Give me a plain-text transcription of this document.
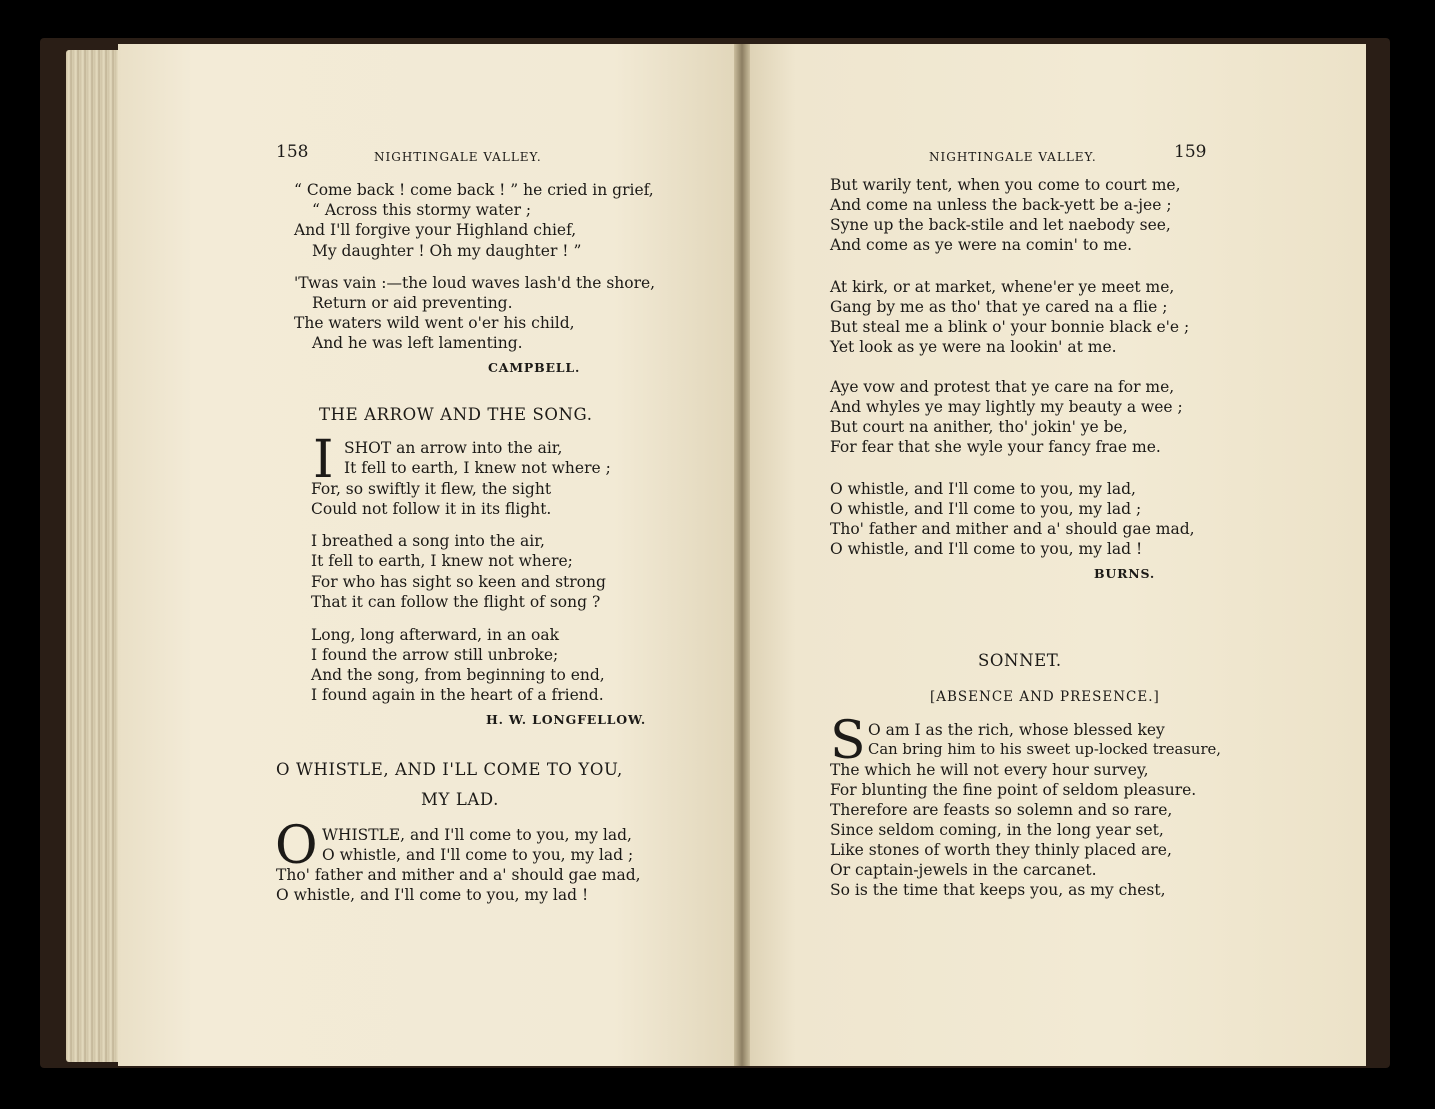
158	NIGHTINGALE VALLEY.
“ Come back ! come back ! ” he cried in grief,
“ Across this stormy water ;
And I'll forgive your Highland chief,
My daughter ! Oh my daughter ! ”
'Twas vain :—the loud waves lash'd the shore,
Return or aid preventing.
The waters wild went o'er his child,
And he was left lamenting.
CAMPBELL.
THE ARROW AND THE SONG.
I SHOT an arrow into the air,
It fell to earth, I knew not where ;
For, so swiftly it flew, the sight
Could not follow it in its flight.
I breathed a song into the air,
It fell to earth, I knew not where;
For who has sight so keen and strong
That it can follow the flight of song ?
Long, long afterward, in an oak
I found the arrow still unbroke;
And the song, from beginning to end,
I found again in the heart of a friend.
H. W. LONGFELLOW.
O WHISTLE, AND I'LL COME TO YOU,
MY LAD.
O WHISTLE, and I'll come to you, my lad,
O whistle, and I'll come to you, my lad ;
Tho' father and mither and a' should gae mad,
O whistle, and I'll come to you, my lad !
NIGHTINGALE VALLEY.	159
But warily tent, when you come to court me,
And come na unless the back-yett be a-jee ;
Syne up the back-stile and let naebody see,
And come as ye were na comin' to me.
At kirk, or at market, whene'er ye meet me,
Gang by me as tho' that ye cared na a flie ;
But steal me a blink o' your bonnie black e'e ;
Yet look as ye were na lookin' at me.
Aye vow and protest that ye care na for me,
And whyles ye may lightly my beauty a wee ;
But court na anither, tho' jokin' ye be,
For fear that she wyle your fancy frae me.
O whistle, and I'll come to you, my lad,
O whistle, and I'll come to you, my lad ;
Tho' father and mither and a' should gae mad,
O whistle, and I'll come to you, my lad !
BURNS.
SONNET.
[ABSENCE AND PRESENCE.]
S O am I as the rich, whose blessed key
Can bring him to his sweet up-locked treasure,
The which he will not every hour survey,
For blunting the fine point of seldom pleasure.
Therefore are feasts so solemn and so rare,
Since seldom coming, in the long year set,
Like stones of worth they thinly placed are,
Or captain-jewels in the carcanet.
So is the time that keeps you, as my chest,
